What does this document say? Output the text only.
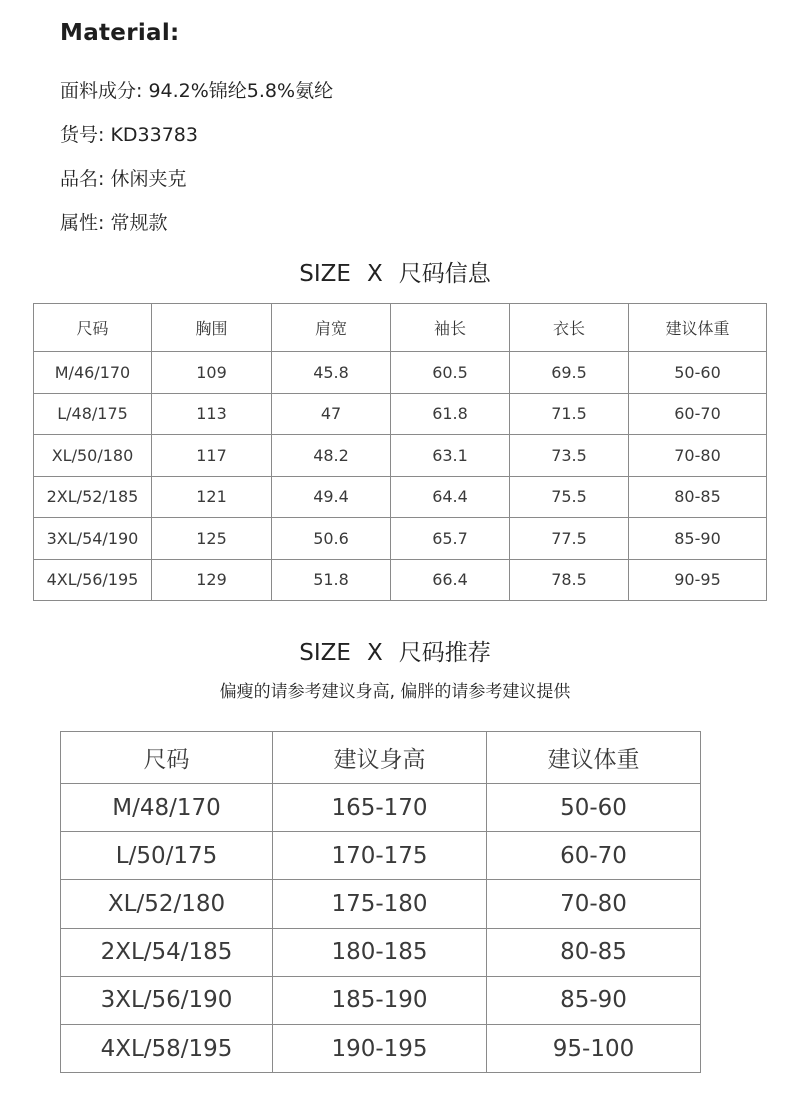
Material:
面料成分: 94.2%锦纶5.8%氨纶
货号: KD33783
品名: 休闲夹克
属性: 常规款
SIZE X 尺码信息
尺码	胸围	肩宽	袖长	衣长	建议体重
M/46/170	109	45.8	60.5	69.5	50-60
L/48/175	113	47	61.8	71.5	60-70
XL/50/180	117	48.2	63.1	73.5	70-80
2XL/52/185	121	49.4	64.4	75.5	80-85
3XL/54/190	125	50.6	65.7	77.5	85-90
4XL/56/195	129	51.8	66.4	78.5	90-95
SIZE X 尺码推荐
偏瘦的请参考建议身高, 偏胖的请参考建议提供
尺码	建议身高	建议体重
M/48/170	165-170	50-60
L/50/175	170-175	60-70
XL/52/180	175-180	70-80
2XL/54/185	180-185	80-85
3XL/56/190	185-190	85-90
4XL/58/195	190-195	95-100
